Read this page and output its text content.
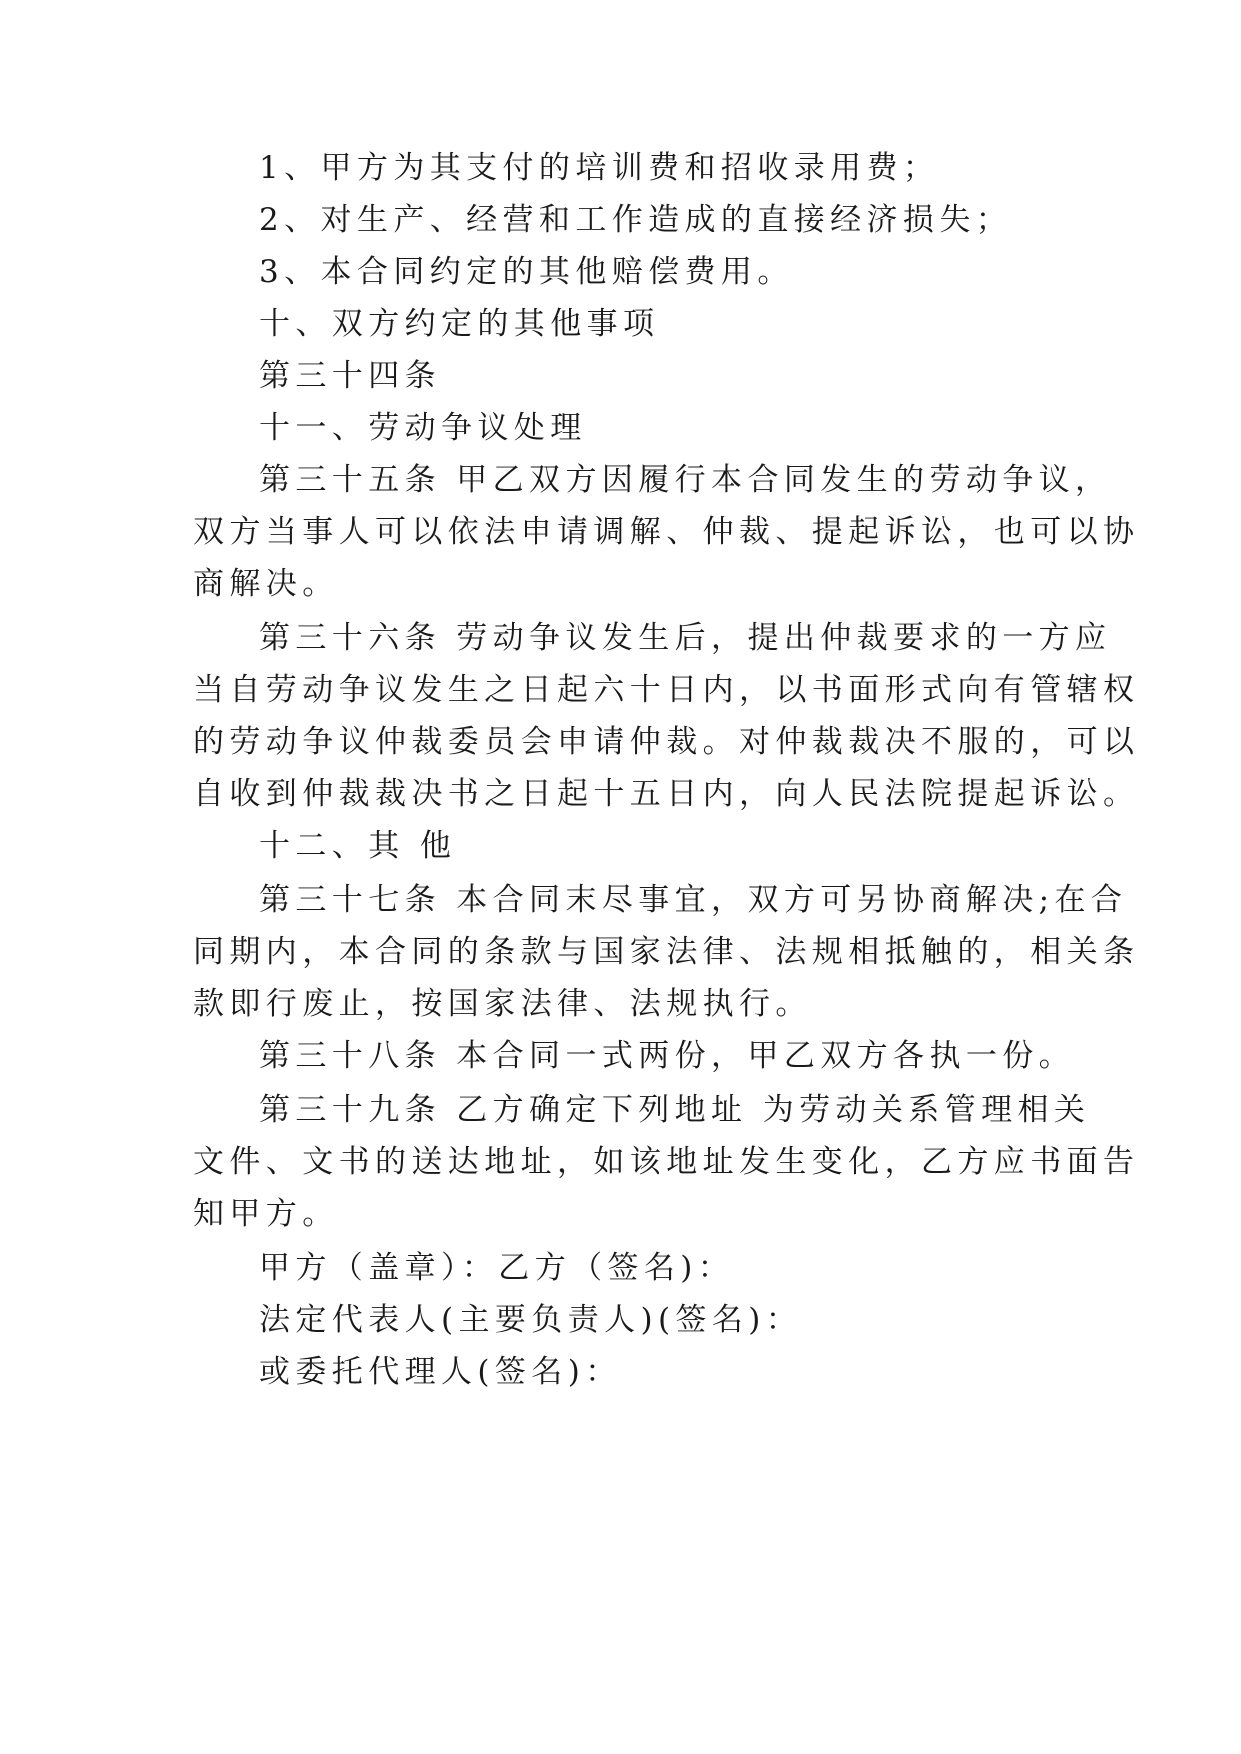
1、甲方为其支付的培训费和招收录用费；
2、对生产、经营和工作造成的直接经济损失；
3、本合同约定的其他赔偿费用。
十、双方约定的其他事项
第三十四条
十一、劳动争议处理
第三十五条 甲乙双方因履行本合同发生的劳动争议，
双方当事人可以依法申请调解、仲裁、提起诉讼，也可以协
商解决。
第三十六条 劳动争议发生后，提出仲裁要求的一方应
当自劳动争议发生之日起六十日内，以书面形式向有管辖权
的劳动争议仲裁委员会申请仲裁。对仲裁裁决不服的，可以
自收到仲裁裁决书之日起十五日内，向人民法院提起诉讼。
十二、其 他
第三十七条 本合同末尽事宜，双方可另协商解决;在合
同期内，本合同的条款与国家法律、法规相抵触的，相关条
款即行废止，按国家法律、法规执行。
第三十八条 本合同一式两份，甲乙双方各执一份。
第三十九条 乙方确定下列地址 为劳动关系管理相关
文件、文书的送达地址，如该地址发生变化，乙方应书面告
知甲方。
甲方（盖章）：乙方（签名)：
法定代表人(主要负责人)(签名)：
或委托代理人(签名)：
